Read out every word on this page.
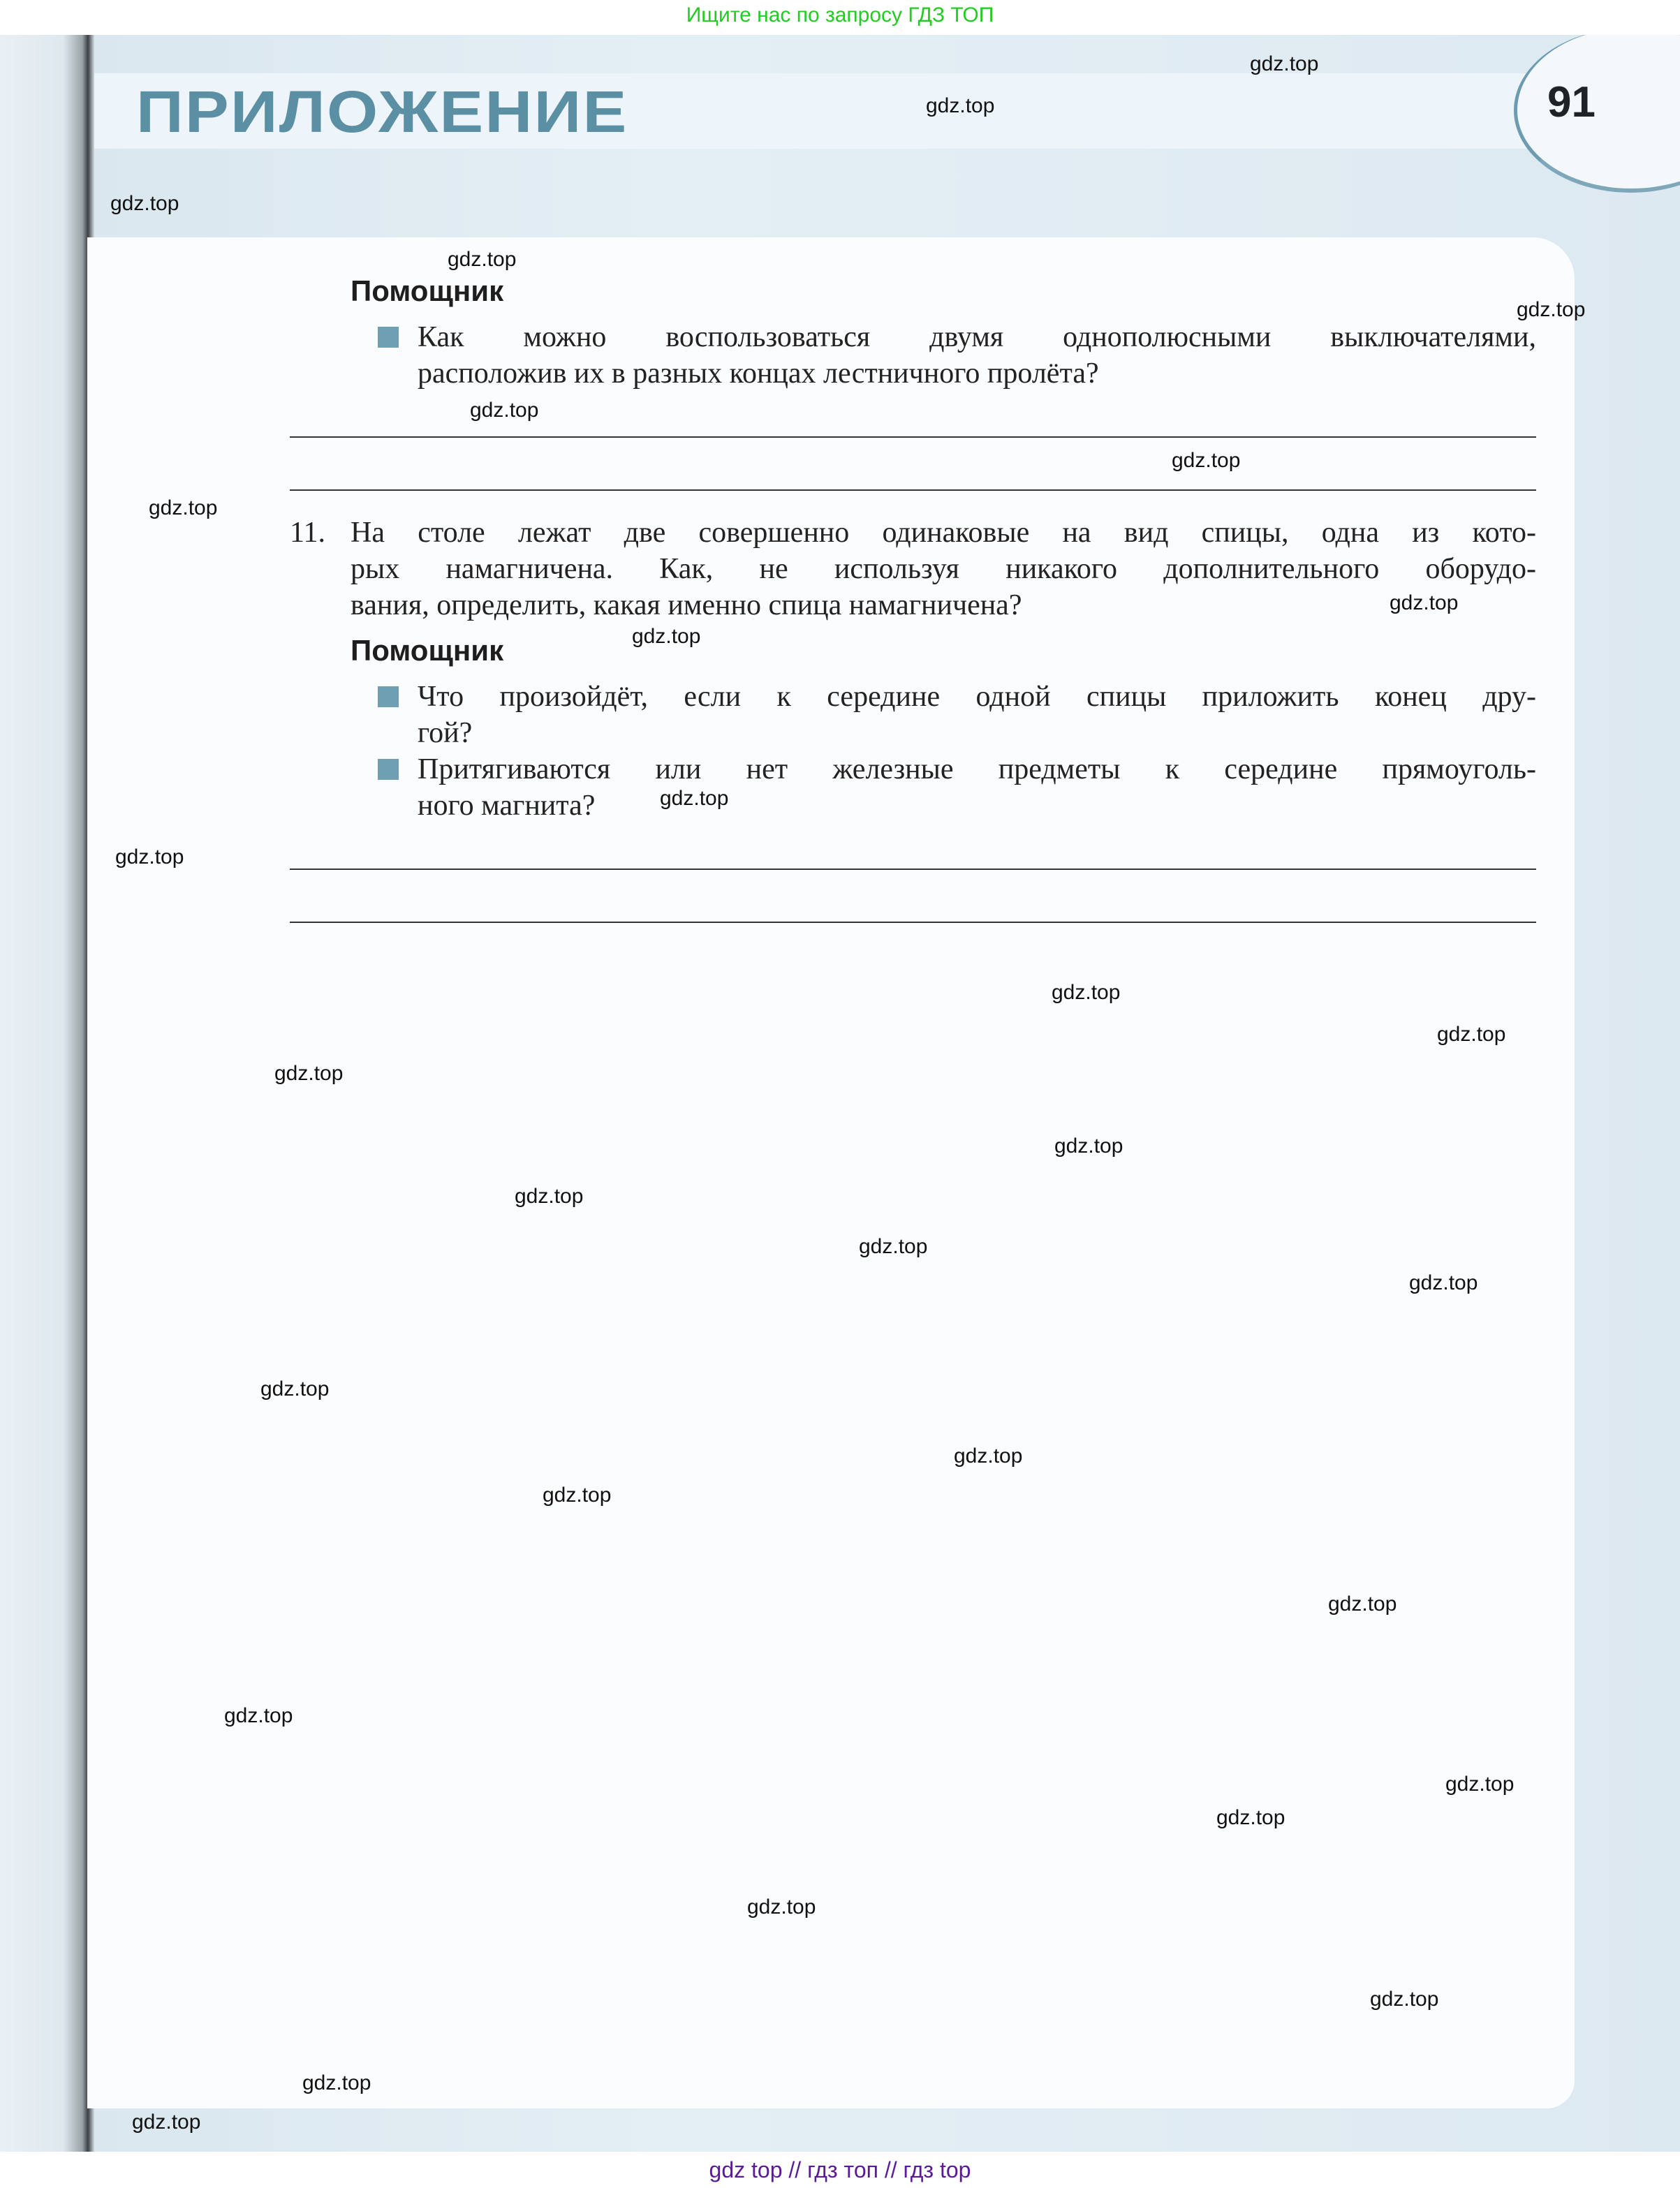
ПРИЛОЖЕНИЕ	91
Помощник
Как можно воспользоваться двумя однополюсными выключателями,
расположив их в разных концах лестничного пролёта?
11. На столе лежат две совершенно одинаковые на вид спицы, одна из кото-
рых намагничена. Как, не используя никакого дополнительного оборудо-
вания, определить, какая именно спица намагничена?
Помощник
Что произойдёт, если к середине одной спицы приложить конец дру-
гой?
Притягиваются или нет железные предметы к середине прямоуголь-
ного магнита?
Ищите нас по запросу ГДЗ ТОП
gdz top // гдз топ // гдз top
gdz.top
gdz.top
gdz.top
gdz.top
gdz.top
gdz.top
gdz.top
gdz.top
gdz.top
gdz.top
gdz.top
gdz.top
gdz.top
gdz.top
gdz.top
gdz.top
gdz.top
gdz.top
gdz.top
gdz.top
gdz.top
gdz.top
gdz.top
gdz.top
gdz.top
gdz.top
gdz.top
gdz.top
gdz.top
gdz.top
